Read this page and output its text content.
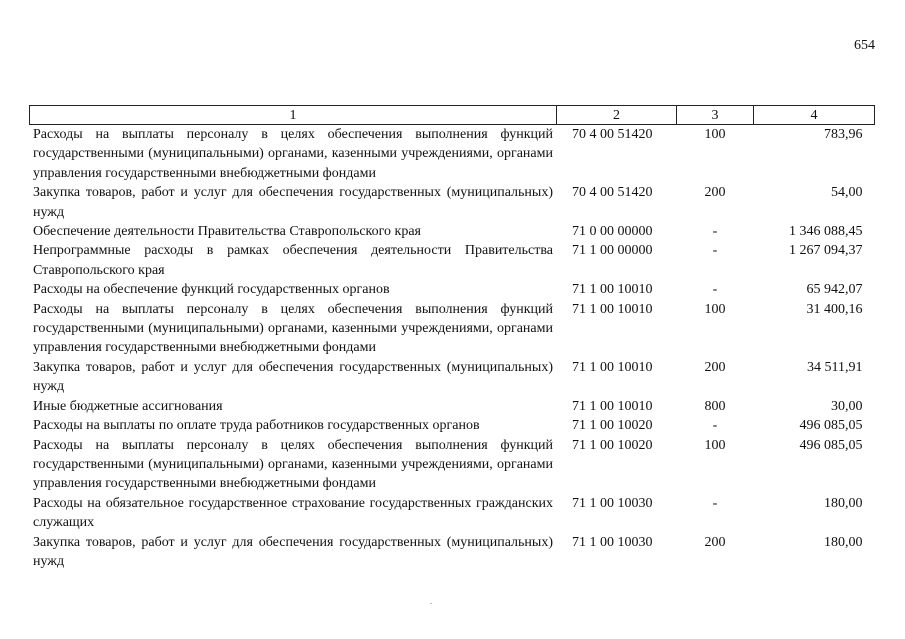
654
1	2	3	4
Расходы на выплаты персоналу в целях обеспечения выполнения функций государственными (муниципальными) органами, казенными учреждениями, органами управления государственными внебюджетными фондами	70 4 00 51420	100	783,96
Закупка товаров, работ и услуг для обеспечения государственных (муниципальных) нужд	70 4 00 51420	200	54,00
Обеспечение деятельности Правительства Ставропольского края	71 0 00 00000	-	1 346 088,45
Непрограммные расходы в рамках обеспечения деятельности Правительства Ставропольского края	71 1 00 00000	-	1 267 094,37
Расходы на обеспечение функций государственных органов	71 1 00 10010	-	65 942,07
Расходы на выплаты персоналу в целях обеспечения выполнения функций государственными (муниципальными) органами, казенными учреждениями, органами управления государственными внебюджетными фондами	71 1 00 10010	100	31 400,16
Закупка товаров, работ и услуг для обеспечения государственных (муниципальных) нужд	71 1 00 10010	200	34 511,91
Иные бюджетные ассигнования	71 1 00 10010	800	30,00
Расходы на выплаты по оплате труда работников государственных органов	71 1 00 10020	-	496 085,05
Расходы на выплаты персоналу в целях обеспечения выполнения функций государственными (муниципальными) органами, казенными учреждениями, органами управления государственными внебюджетными фондами	71 1 00 10020	100	496 085,05
Расходы на обязательное государственное страхование государственных гражданских служащих	71 1 00 10030	-	180,00
Закупка товаров, работ и услуг для обеспечения государственных (муниципальных) нужд	71 1 00 10030	200	180,00
